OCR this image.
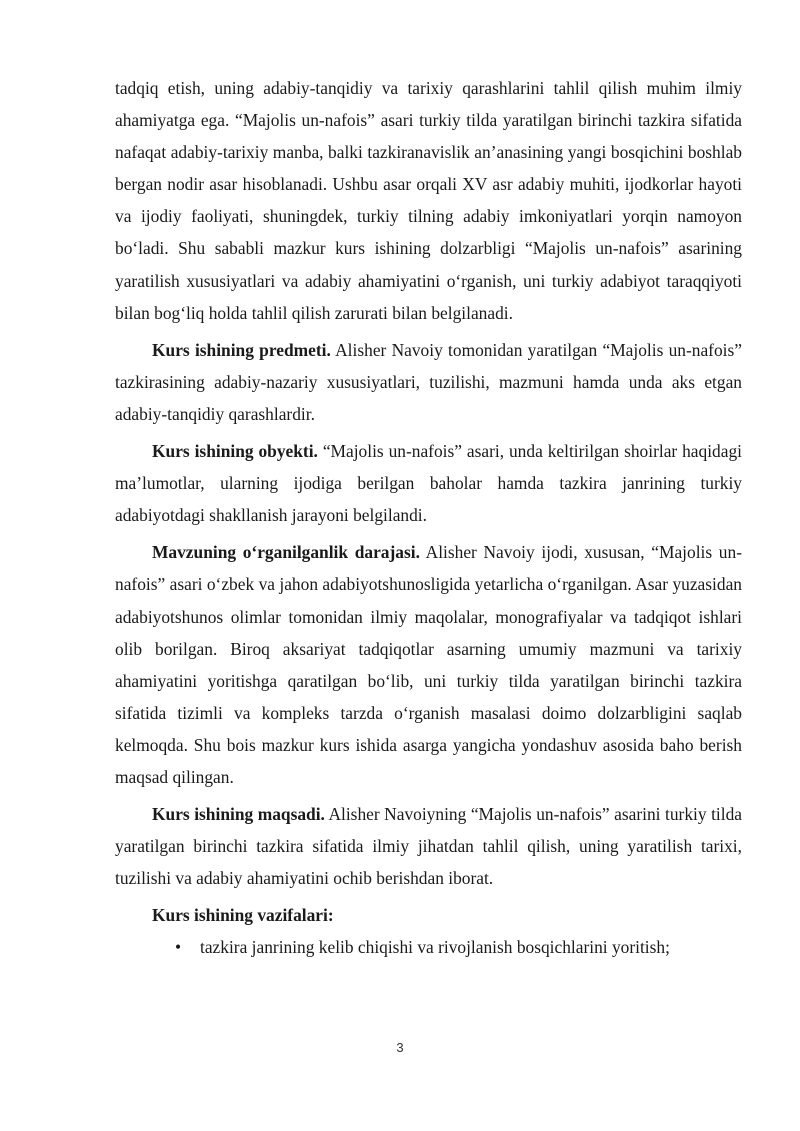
tadqiq etish, uning adabiy-tanqidiy va tarixiy qarashlarini tahlil qilish muhim ilmiy ahamiyatga ega. “Majolis un-nafois” asari turkiy tilda yaratilgan birinchi tazkira sifatida nafaqat adabiy-tarixiy manba, balki tazkiranavislik an’anasining yangi bosqichini boshlab bergan nodir asar hisoblanadi. Ushbu asar orqali XV asr adabiy muhiti, ijodkorlar hayoti va ijodiy faoliyati, shuningdek, turkiy tilning adabiy imkoniyatlari yorqin namoyon bo‘ladi. Shu sababli mazkur kurs ishining dolzarbligi “Majolis un-nafois” asarining yaratilish xususiyatlari va adabiy ahamiyatini o‘rganish, uni turkiy adabiyot taraqqiyoti bilan bog‘liq holda tahlil qilish zarurati bilan belgilanadi.

Kurs ishining predmeti. Alisher Navoiy tomonidan yaratilgan “Majolis un-nafois” tazkirasining adabiy-nazariy xususiyatlari, tuzilishi, mazmuni hamda unda aks etgan adabiy-tanqidiy qarashlardir.

Kurs ishining obyekti. “Majolis un-nafois” asari, unda keltirilgan shoirlar haqidagi ma’lumotlar, ularning ijodiga berilgan baholar hamda tazkira janrining turkiy adabiyotdagi shakllanish jarayoni belgilandi.

Mavzuning o‘rganilganlik darajasi. Alisher Navoiy ijodi, xususan, “Majolis un-nafois” asari o‘zbek va jahon adabiyotshunosligida yetarlicha o‘rganilgan. Asar yuzasidan adabiyotshunos olimlar tomonidan ilmiy maqolalar, monografiyalar va tadqiqot ishlari olib borilgan. Biroq aksariyat tadqiqotlar asarning umumiy mazmuni va tarixiy ahamiyatini yoritishga qaratilgan bo‘lib, uni turkiy tilda yaratilgan birinchi tazkira sifatida tizimli va kompleks tarzda o‘rganish masalasi doimo dolzarbligini saqlab kelmoqda. Shu bois mazkur kurs ishida asarga yangicha yondashuv asosida baho berish maqsad qilingan.

Kurs ishining maqsadi. Alisher Navoiyning “Majolis un-nafois” asarini turkiy tilda yaratilgan birinchi tazkira sifatida ilmiy jihatdan tahlil qilish, uning yaratilish tarixi, tuzilishi va adabiy ahamiyatini ochib berishdan iborat.

Kurs ishining vazifalari:

• tazkira janrining kelib chiqishi va rivojlanish bosqichlarini yoritish;
3
